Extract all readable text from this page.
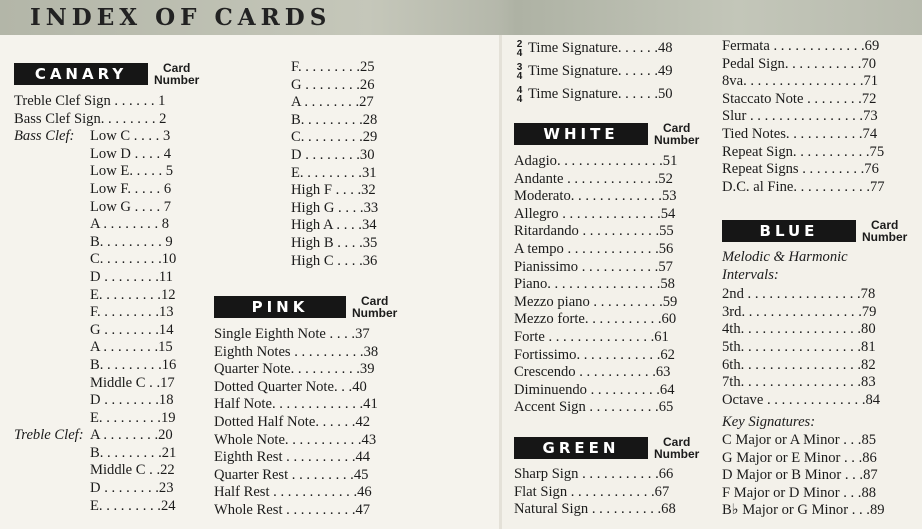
INDEX OF CARDS
CANARY	Card
Number
Treble Clef Sign . . . . . . 1
Bass Clef Sign. . . . . . . . 2
Bass Clef:	Low C . . . . 3
Low D . . . . 4
Low E. . . . . 5
Low F. . . . . 6
Low G . . . . 7
A . . . . . . . . 8
B. . . . . . . . . 9
C. . . . . . . . .10
D . . . . . . . .11
E. . . . . . . . .12
F. . . . . . . . .13
G . . . . . . . .14
A . . . . . . . .15
B. . . . . . . . .16
Middle C . .17
D . . . . . . . .18
E. . . . . . . . .19
Treble Clef: A . . . . . . . .20
B. . . . . . . . .21
Middle C . .22
D . . . . . . . .23
E. . . . . . . . .24
F. . . . . . . . .25
G . . . . . . . .26
A . . . . . . . .27
B. . . . . . . . .28
C. . . . . . . . .29
D . . . . . . . .30
E. . . . . . . . .31
High F . . . .32
High G . . . .33
High A . . . .34
High B . . . .35
High C . . . .36
PINK	Card
Number
Single Eighth Note . . . .37
Eighth Notes . . . . . . . . . .38
Quarter Note. . . . . . . . . .39
Dotted Quarter Note. . .40
Half Note. . . . . . . . . . . . .41
Dotted Half Note. . . . . .42
Whole Note. . . . . . . . . . .43
Eighth Rest . . . . . . . . . .44
Quarter Rest . . . . . . . . .45
Half Rest . . . . . . . . . . . .46
Whole Rest . . . . . . . . . .47
2
4 Time Signature. . . . . .48
3
4 Time Signature. . . . . .49
4
4 Time Signature. . . . . .50
WHITE	Card
Number
Adagio. . . . . . . . . . . . . . .51
Andante . . . . . . . . . . . . .52
Moderato. . . . . . . . . . . . .53
Allegro . . . . . . . . . . . . . .54
Ritardando . . . . . . . . . . .55
A tempo . . . . . . . . . . . . .56
Pianissimo . . . . . . . . . . .57
Piano. . . . . . . . . . . . . . . .58
Mezzo piano . . . . . . . . . .59
Mezzo forte. . . . . . . . . . .60
Forte . . . . . . . . . . . . . . .61
Fortissimo. . . . . . . . . . . .62
Crescendo . . . . . . . . . . .63
Diminuendo . . . . . . . . . .64
Accent Sign . . . . . . . . . .65
GREEN	Card
Number
Sharp Sign . . . . . . . . . . .66
Flat Sign . . . . . . . . . . . .67
Natural Sign . . . . . . . . . .68
Fermata . . . . . . . . . . . . .69
Pedal Sign. . . . . . . . . . .70
8va. . . . . . . . . . . . . . . . .71
Staccato Note . . . . . . . .72
Slur . . . . . . . . . . . . . . . .73
Tied Notes. . . . . . . . . . .74
Repeat Sign. . . . . . . . . . .75
Repeat Signs . . . . . . . . .76
D.C. al Fine. . . . . . . . . . .77
BLUE	Card
Number
Melodic & Harmonic
Intervals:
2nd . . . . . . . . . . . . . . . .78
3rd. . . . . . . . . . . . . . . . .79
4th. . . . . . . . . . . . . . . . .80
5th. . . . . . . . . . . . . . . . .81
6th. . . . . . . . . . . . . . . . .82
7th. . . . . . . . . . . . . . . . .83
Octave . . . . . . . . . . . . . .84
Key Signatures:
C Major or A Minor . . .85
G Major or E Minor . . .86
D Major or B Minor . . .87
F Major or D Minor . . .88
B♭ Major or G Minor . . .89
